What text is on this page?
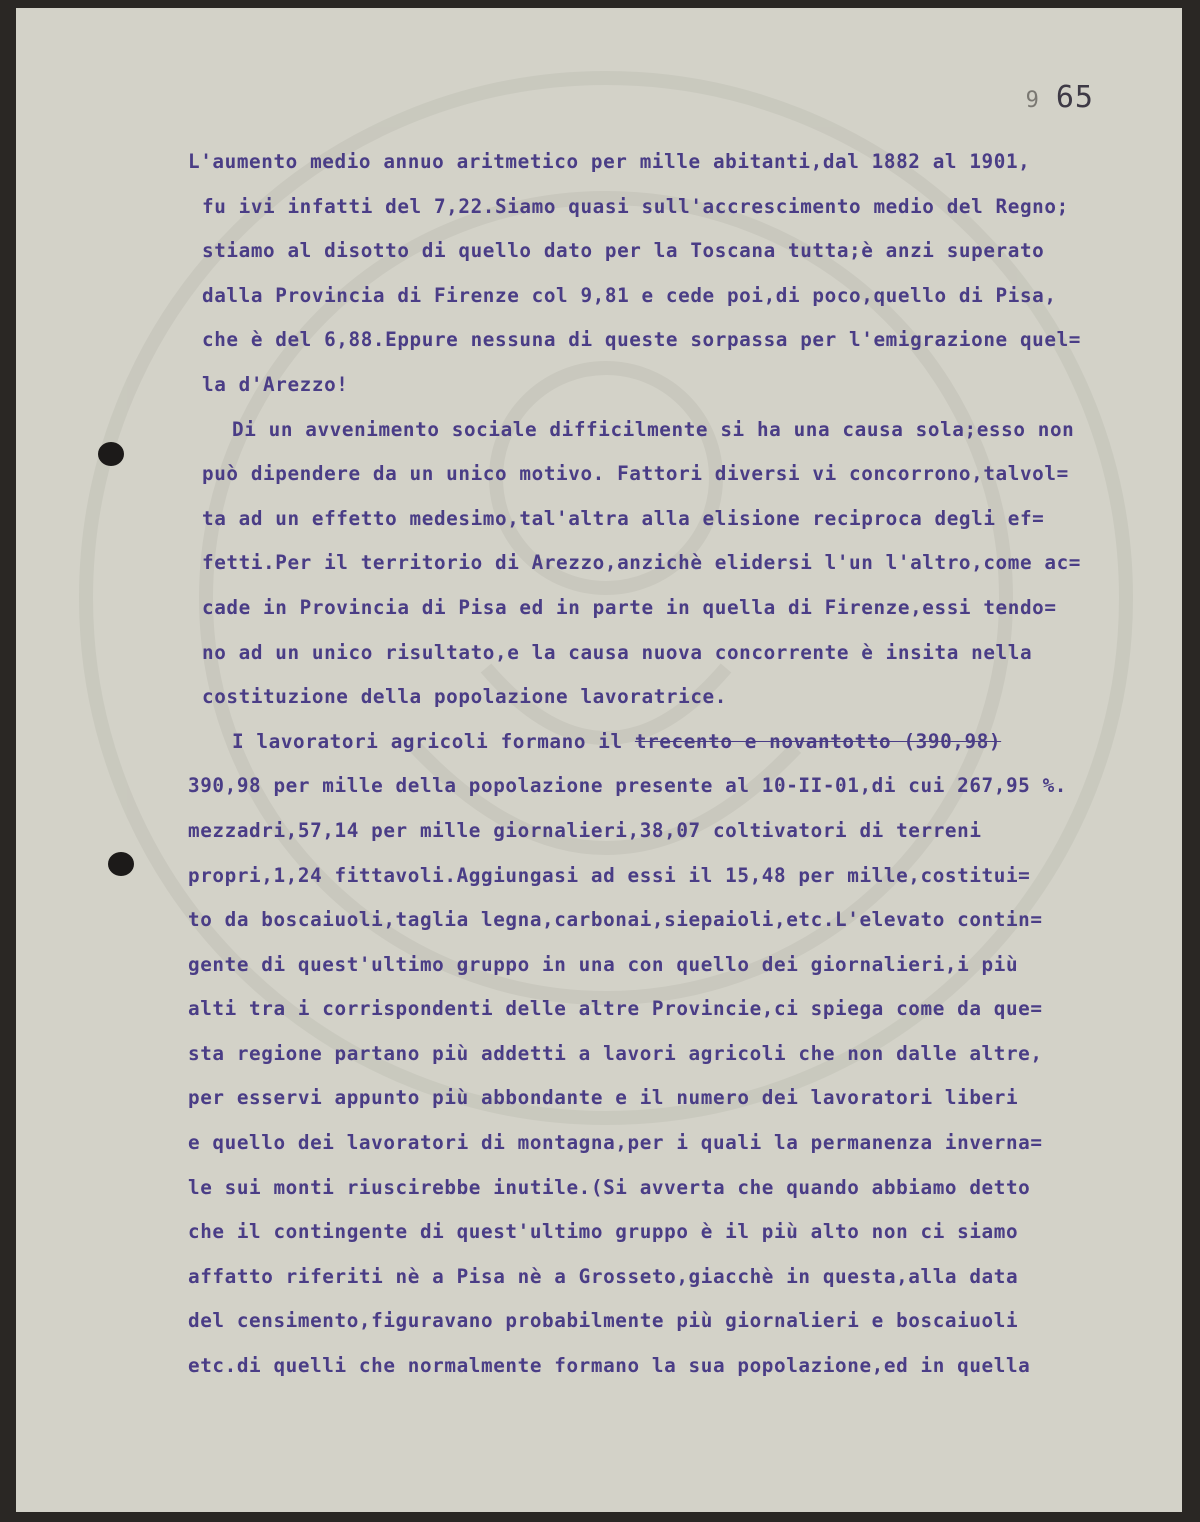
9 65
L'aumento medio annuo aritmetico per mille abitanti,dal 1882 al 1901,
fu ivi infatti del 7,22.Siamo quasi sull'accrescimento medio del Regno;
stiamo al disotto di quello dato per la Toscana tutta;è anzi superato
dalla Provincia di Firenze col 9,81 e cede poi,di poco,quello di Pisa,
che è del 6,88.Eppure nessuna di queste sorpassa per l'emigrazione quel=
la d'Arezzo!
Di un avvenimento sociale difficilmente si ha una causa sola;esso non
può dipendere da un unico motivo. Fattori diversi vi concorrono,talvol=
ta ad un effetto medesimo,tal'altra alla elisione reciproca degli ef=
fetti.Per il territorio di Arezzo,anzichè elidersi l'un l'altro,come ac=
cade in Provincia di Pisa ed in parte in quella di Firenze,essi tendo=
no ad un unico risultato,e la causa nuova concorrente è insita nella
costituzione della popolazione lavoratrice.
I lavoratori agricoli formano il trecento e novantotto (390,98)
390,98 per mille della popolazione presente al 10-II-01,di cui 267,95 %.
mezzadri,57,14 per mille giornalieri,38,07 coltivatori di terreni
propri,1,24 fittavoli.Aggiungasi ad essi il 15,48 per mille,costitui=
to da boscaiuoli,taglia legna,carbonai,siepaioli,etc.L'elevato contin=
gente di quest'ultimo gruppo in una con quello dei giornalieri,i più
alti tra i corrispondenti delle altre Provincie,ci spiega come da que=
sta regione partano più addetti a lavori agricoli che non dalle altre,
per esservi appunto più abbondante e il numero dei lavoratori liberi
e quello dei lavoratori di montagna,per i quali la permanenza inverna=
le sui monti riuscirebbe inutile.(Si avverta che quando abbiamo detto
che il contingente di quest'ultimo gruppo è il più alto non ci siamo
affatto riferiti nè a Pisa nè a Grosseto,giacchè in questa,alla data
del censimento,figuravano probabilmente più giornalieri e boscaiuoli
etc.di quelli che normalmente formano la sua popolazione,ed in quella
